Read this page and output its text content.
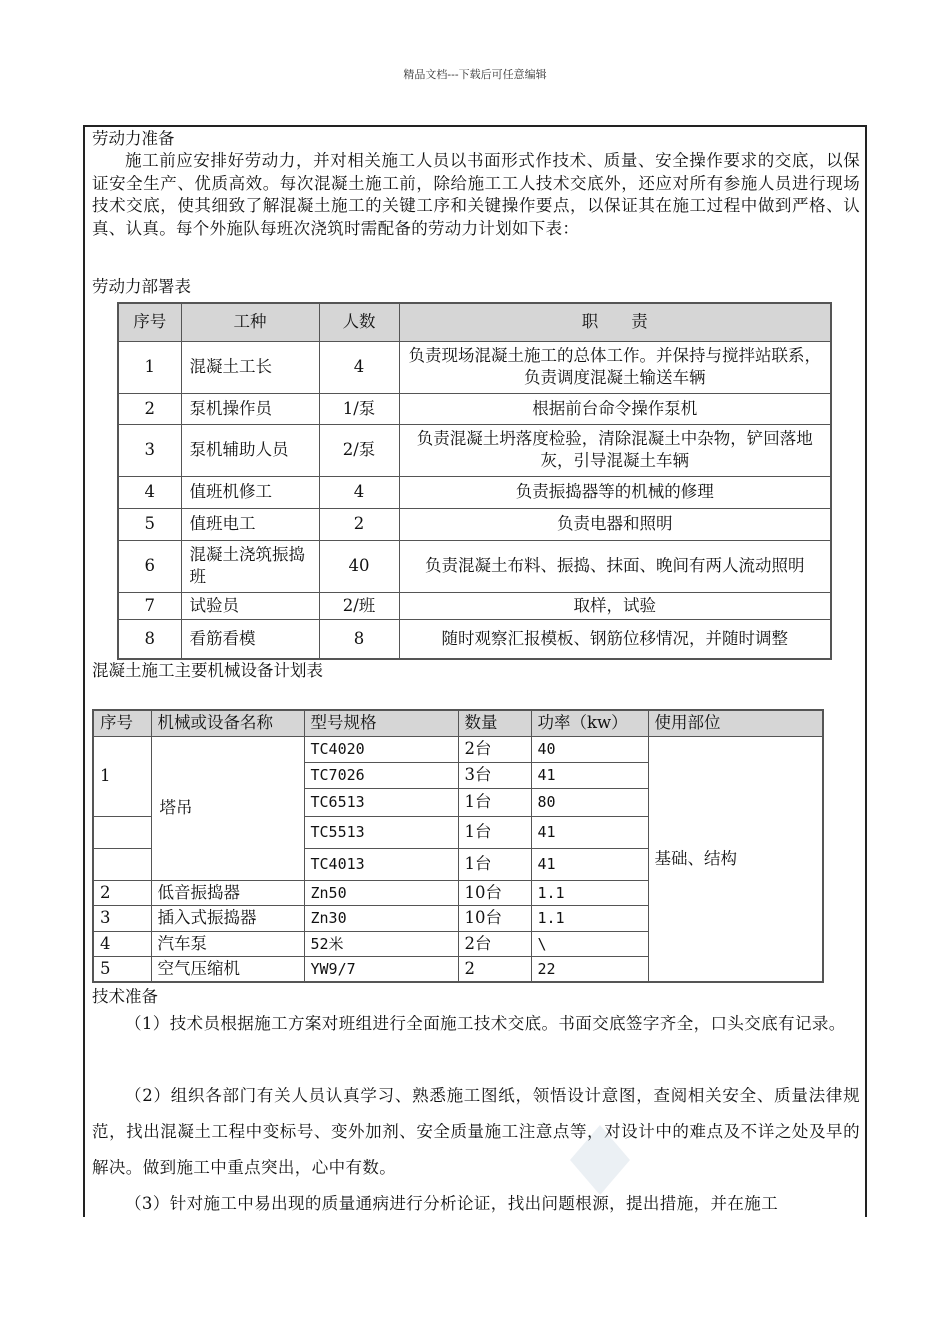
精品文档---下载后可任意编辑
劳动力准备
施工前应安排好劳动力，并对相关施工人员以书面形式作技术、质量、安全操作要求的交底，以保证安全生产、优质高效。每次混凝土施工前，除给施工工人技术交底外，还应对所有参施人员进行现场技术交底，使其细致了解混凝土施工的关键工序和关键操作要点，以保证其在施工过程中做到严格、认真、认真。每个外施队每班次浇筑时需配备的劳动力计划如下表：
劳动力部署表
序号	工种	人数	职　　责
1	混凝土工长	4	负责现场混凝土施工的总体工作。并保持与搅拌站联系，负责调度混凝土输送车辆
2	泵机操作员	1/泵	根据前台命令操作泵机
3	泵机辅助人员	2/泵	负责混凝土坍落度检验，清除混凝土中杂物，铲回落地灰，引导混凝土车辆
4	值班机修工	4	负责振捣器等的机械的修理
5	值班电工	2	负责电器和照明
6	混凝土浇筑振捣班	40	负责混凝土布料、振捣、抹面、晚间有两人流动照明
7	试验员	2/班	取样，试验
8	看筋看模	8	随时观察汇报模板、钢筋位移情况，并随时调整
混凝土施工主要机械设备计划表
序号	机械或设备名称	型号规格	数量	功率（kw）	使用部位
1	塔吊	TC4020	2台	40	基础、结构
		TC7026	3台	41	
		TC6513	1台	80	
		TC5513	1台	41	
		TC4013	1台	41	
2	低音振捣器	Zn50	10台	1.1	
3	插入式振捣器	Zn30	10台	1.1	
4	汽车泵	52米	2台	\	
5	空气压缩机	YW9/7	2	22	
技术准备
（1）技术员根据施工方案对班组进行全面施工技术交底。书面交底签字齐全，口头交底有记录。
（2）组织各部门有关人员认真学习、熟悉施工图纸，领悟设计意图，查阅相关安全、质量法律规范，找出混凝土工程中变标号、变外加剂、安全质量施工注意点等，对设计中的难点及不详之处及早的解决。做到施工中重点突出，心中有数。
（3）针对施工中易出现的质量通病进行分析论证，找出问题根源，提出措施，并在施工
